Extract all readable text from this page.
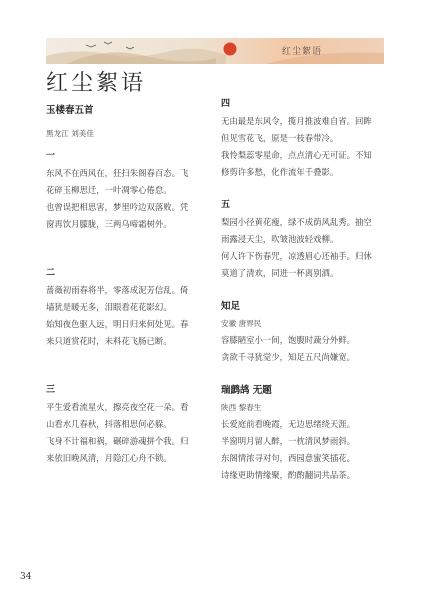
红尘絮语
红尘絮语

玉楼春五首

黑龙江 刘美佳

一

东风不在西风在，狂扫朱阁春百态。飞

花碎玉柳思迁，一叶凋零心倦怠。

也曾误把相思害，梦里吟边双落败。凭

窗再饮月朦胧，三两乌啼霜树外。

二

蔷薇初雨春将半，零落成泥芳信乱。倚

墙犹是暖无多，泪眼看花花影幻。

始知夜色驱人远，明日归来何处见。春

来只道赏花时，未料花飞肠已断。

三

平生爱看流星火，擦亮夜空花一朵。看

山看水几春秋，抖落相思何必躲。

飞身不计福和祸，碾碎游魂拼个我。归

来依旧晚风清，月隐江心舟不锁。

四

无由最是东风令，揽月推波难自省。回眸

但见雪花飞，原是一枝春带冷。

我怜梨蕊零星命，点点清心无可证。不知

修剪许多愁，化作流年千叠影。

五

梨园小径黄花瘦，绿不成荫风乱秀。抽空

雨露浸天尘，吹皱池波轻戏柳。

何人许下伤春咒，凉透眉心还袖手。归休

莫道了清欢，同进一杯离别酒。

知足

安徽 唐界民

容膝陋室小一间，饱腹时蔬分外鲜。

贪欲千寻犹觉少，知足五尺尚嫌宽。

瑞鹧鸪 无题

陕西 黎春生

长爱庭前看晚霞，无边思绪绕天涯。

半窗明月留人醉，一枕清风梦雨斜。

东阁情浓寻对句，西园意蜜笑插花。

诗缘更助情缘聚，酌酌翻词共品茶。

34
